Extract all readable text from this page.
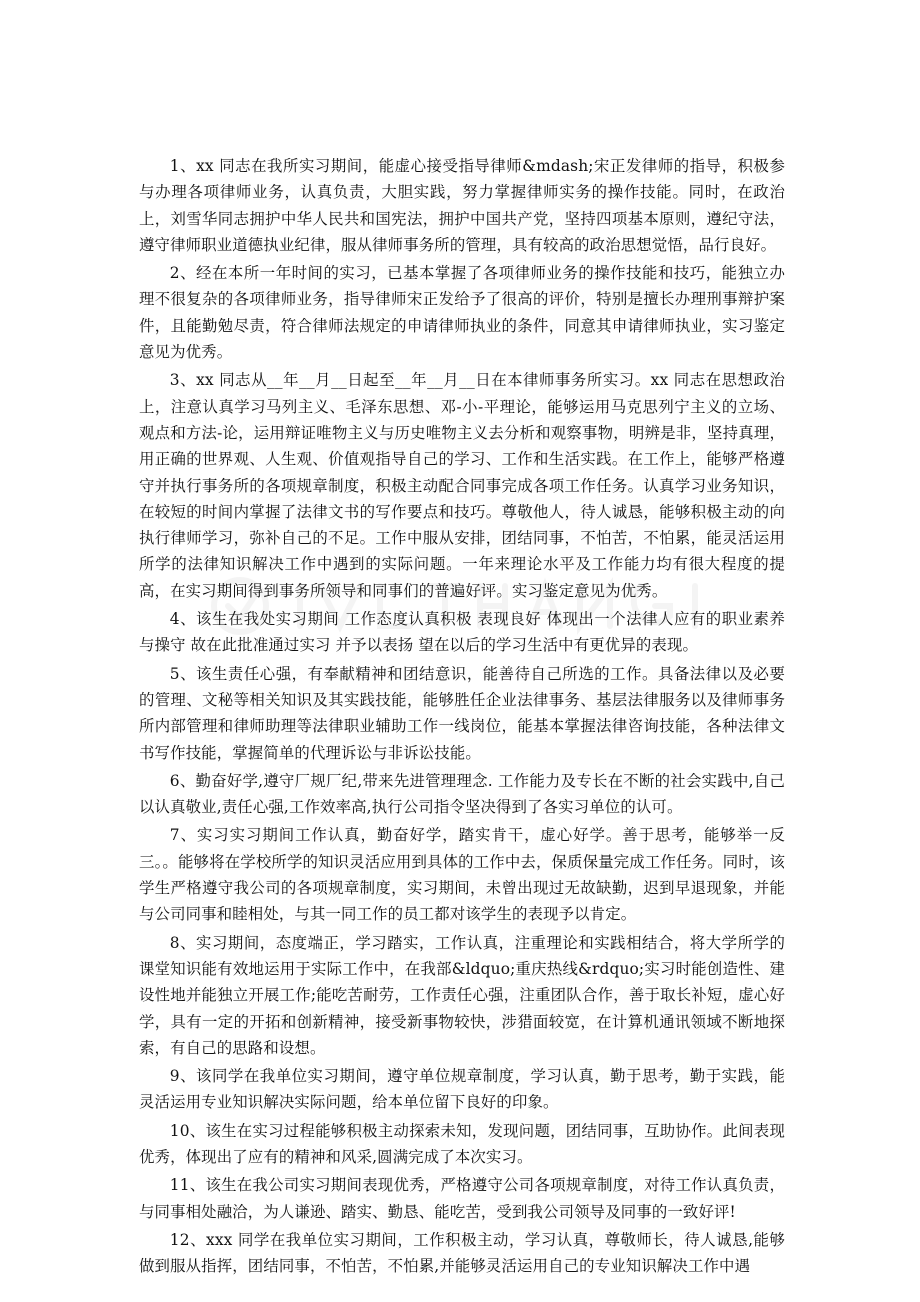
1、xx 同志在我所实习期间，能虚心接受指导律师&mdash;宋正发律师的指导，积极参与办理各项律师业务，认真负责，大胆实践，努力掌握律师实务的操作技能。同时，在政治上，刘雪华同志拥护中华人民共和国宪法，拥护中国共产党，坚持四项基本原则，遵纪守法，遵守律师职业道德执业纪律，服从律师事务所的管理，具有较高的政治思想觉悟，品行良好。

2、经在本所一年时间的实习，已基本掌握了各项律师业务的操作技能和技巧，能独立办理不很复杂的各项律师业务，指导律师宋正发给予了很高的评价，特别是擅长办理刑事辩护案件，且能勤勉尽责，符合律师法规定的申请律师执业的条件，同意其申请律师执业，实习鉴定意见为优秀。

3、xx 同志从__年__月__日起至__年__月__日在本律师事务所实习。xx 同志在思想政治上，注意认真学习马列主义、毛泽东思想、邓-小-平理论，能够运用马克思列宁主义的立场、观点和方法-论，运用辩证唯物主义与历史唯物主义去分析和观察事物，明辨是非，坚持真理，用正确的世界观、人生观、价值观指导自己的学习、工作和生活实践。在工作上，能够严格遵守并执行事务所的各项规章制度，积极主动配合同事完成各项工作任务。认真学习业务知识，在较短的时间内掌握了法律文书的写作要点和技巧。尊敬他人，待人诚恳，能够积极主动的向执行律师学习，弥补自己的不足。工作中服从安排，团结同事，不怕苦，不怕累，能灵活运用所学的法律知识解决工作中遇到的实际问题。一年来理论水平及工作能力均有很大程度的提高，在实习期间得到事务所领导和同事们的普遍好评。实习鉴定意见为优秀。

4、该生在我处实习期间 工作态度认真积极 表现良好 体现出一个法律人应有的职业素养与操守 故在此批准通过实习 并予以表扬 望在以后的学习生活中有更优异的表现。

5、该生责任心强，有奉献精神和团结意识，能善待自己所选的工作。具备法律以及必要的管理、文秘等相关知识及其实践技能，能够胜任企业法律事务、基层法律服务以及律师事务所内部管理和律师助理等法律职业辅助工作一线岗位，能基本掌握法律咨询技能，各种法律文书写作技能，掌握简单的代理诉讼与非诉讼技能。

6、勤奋好学,遵守厂规厂纪,带来先进管理理念. 工作能力及专长在不断的社会实践中,自己以认真敬业,责任心强,工作效率高,执行公司指令坚决得到了各实习单位的认可。

7、实习实习期间工作认真，勤奋好学，踏实肯干，虚心好学。善于思考，能够举一反三。。能够将在学校所学的知识灵活应用到具体的工作中去，保质保量完成工作任务。同时，该学生严格遵守我公司的各项规章制度，实习期间，未曾出现过无故缺勤，迟到早退现象，并能与公司同事和睦相处，与其一同工作的员工都对该学生的表现予以肯定。

8、实习期间，态度端正，学习踏实，工作认真，注重理论和实践相结合，将大学所学的课堂知识能有效地运用于实际工作中，在我部&ldquo;重庆热线&rdquo;实习时能创造性、建设性地并能独立开展工作;能吃苦耐劳，工作责任心强，注重团队合作，善于取长补短，虚心好学，具有一定的开拓和创新精神，接受新事物较快，涉猎面较宽，在计算机通讯领域不断地探索，有自己的思路和设想。

9、该同学在我单位实习期间，遵守单位规章制度，学习认真，勤于思考，勤于实践，能灵活运用专业知识解决实际问题，给本单位留下良好的印象。

10、该生在实习过程能够积极主动探索未知，发现问题，团结同事，互助协作。此间表现优秀，体现出了应有的精神和风采,圆满完成了本次实习。

11、该生在我公司实习期间表现优秀，严格遵守公司各项规章制度，对待工作认真负责，与同事相处融洽，为人谦逊、踏实、勤恳、能吃苦，受到我公司领导及同事的一致好评!

12、xxx 同学在我单位实习期间，工作积极主动，学习认真，尊敬师长，待人诚恳,能够做到服从指挥，团结同事，不怕苦，不怕累,并能够灵活运用自己的专业知识解决工作中遇
